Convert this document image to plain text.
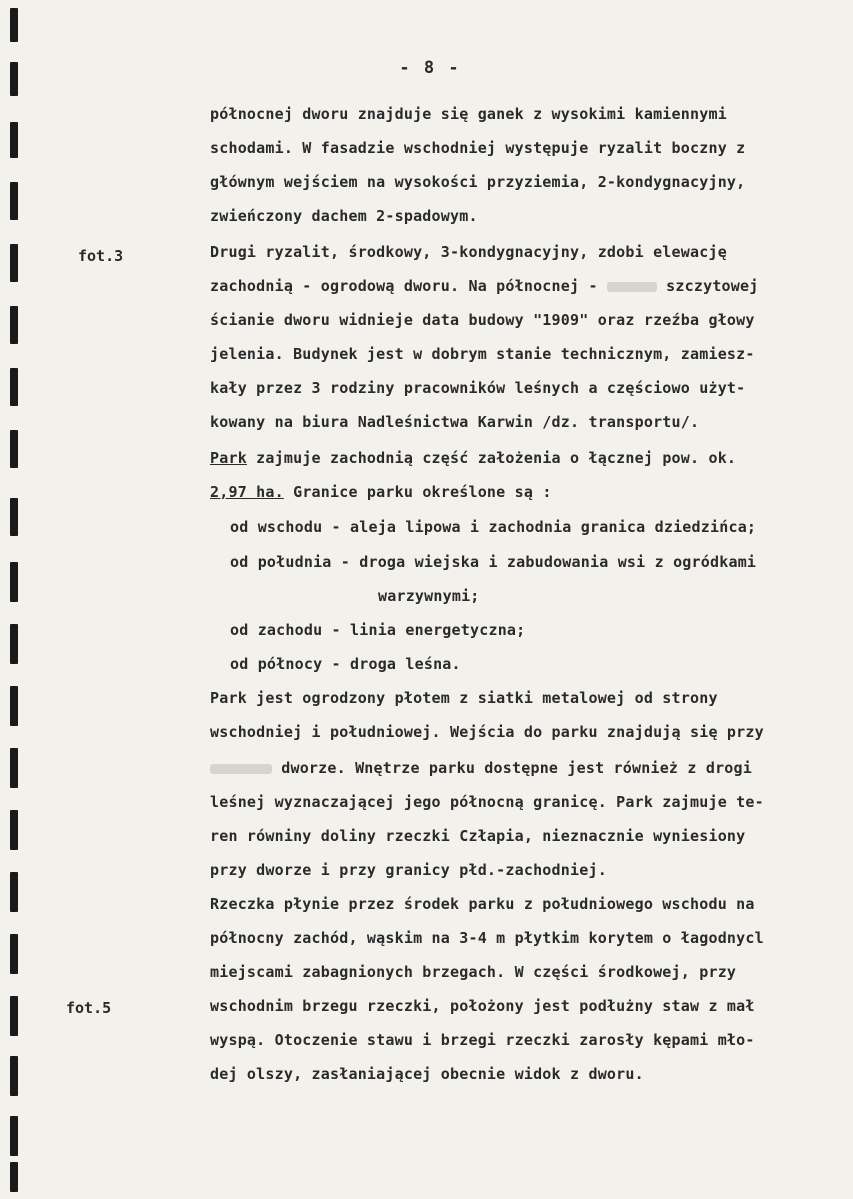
- 8 -
fot.3
fot.5
północnej dworu znajduje się ganek z wysokimi kamiennymi
schodami. W fasadzie wschodniej występuje ryzalit boczny z
głównym wejściem na wysokości przyziemia, 2-kondygnacyjny,
zwieńczony dachem 2-spadowym.
Drugi ryzalit, środkowy, 3-kondygnacyjny, zdobi elewację
zachodnią - ogrodową dworu. Na północnej -	szczytowej
ścianie dworu widnieje data budowy "1909" oraz rzeźba głowy
jelenia. Budynek jest w dobrym stanie technicznym, zamiesz-
kały przez 3 rodziny pracowników leśnych a częściowo użyt-
kowany na biura Nadleśnictwa Karwin /dz. transportu/.
Park zajmuje zachodnią część założenia o łącznej pow. ok.
2,97 ha. Granice parku określone są :
od wschodu - aleja lipowa i zachodnia granica dziedzińca;
od południa - droga wiejska i zabudowania wsi z ogródkami
warzywnymi;
od zachodu - linia energetyczna;
od północy - droga leśna.
Park jest ogrodzony płotem z siatki metalowej od strony
wschodniej i południowej. Wejścia do parku znajdują się przy
dworze. Wnętrze parku dostępne jest również z drogi
leśnej wyznaczającej jego północną granicę. Park zajmuje te-
ren równiny doliny rzeczki Człapia, nieznacznie wyniesiony
przy dworze i przy granicy płd.-zachodniej.
Rzeczka płynie przez środek parku z południowego wschodu na
północny zachód, wąskim na 3-4 m płytkim korytem o łagodnycl
miejscami zabagnionych brzegach. W części środkowej, przy
wschodnim brzegu rzeczki, położony jest podłużny staw z mał
wyspą. Otoczenie stawu i brzegi rzeczki zarosły kępami mło-
dej olszy, zasłaniającej obecnie widok z dworu.
